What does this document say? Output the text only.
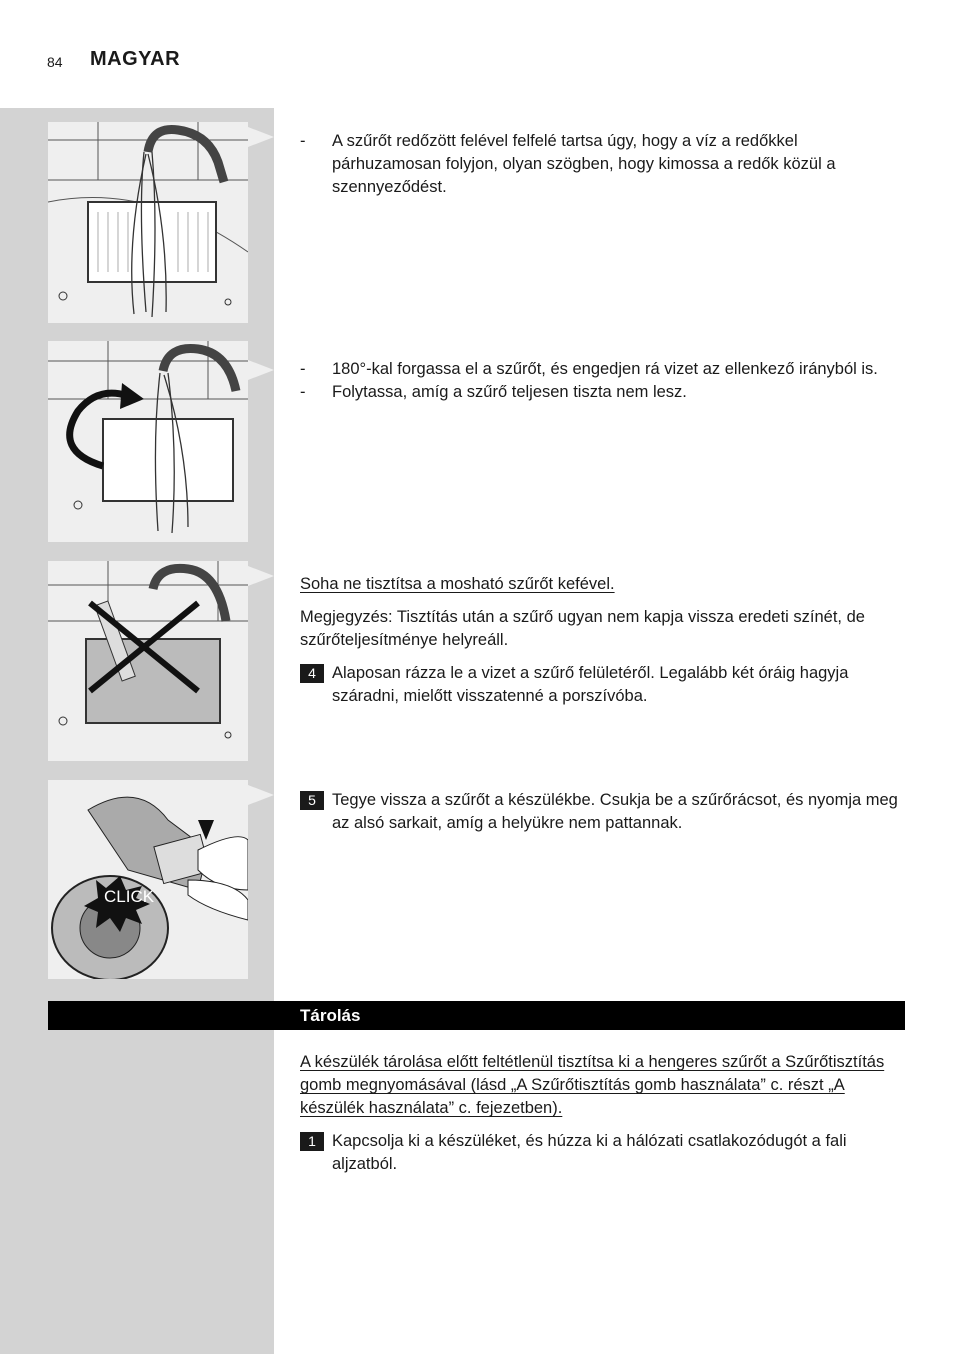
84 MAGYAR
- A szűrőt redőzött felével felfelé tartsa úgy, hogy a víz a redőkkel párhuzamosan folyjon, olyan szögben, hogy kimossa a redők közül a szennyeződést.
- 180°-kal forgassa el a szűrőt, és engedjen rá vizet az ellenkező irányból is.
- Folytassa, amíg a szűrő teljesen tiszta nem lesz.

Soha ne tisztítsa a mosható szűrőt kefével.

Megjegyzés: Tisztítás után a szűrő ugyan nem kapja vissza eredeti színét, de szűrőteljesítménye helyreáll.

4 Alaposan rázza le a vizet a szűrő felületéről. Legalább két óráig hagyja száradni, mielőtt visszatenné a porszívóba.
CLICK
5 Tegye vissza a szűrőt a készülékbe. Csukja be a szűrőrácsot, és nyomja meg az alsó sarkait, amíg a helyükre nem pattannak.
Tárolás

A készülék tárolása előtt feltétlenül tisztítsa ki a hengeres szűrőt a Szűrőtisztítás gomb megnyomásával (lásd „A Szűrőtisztítás gomb használata” c. részt „A készülék használata” c. fejezetben).

1 Kapcsolja ki a készüléket, és húzza ki a hálózati csatlakozódugót a fali aljzatból.
